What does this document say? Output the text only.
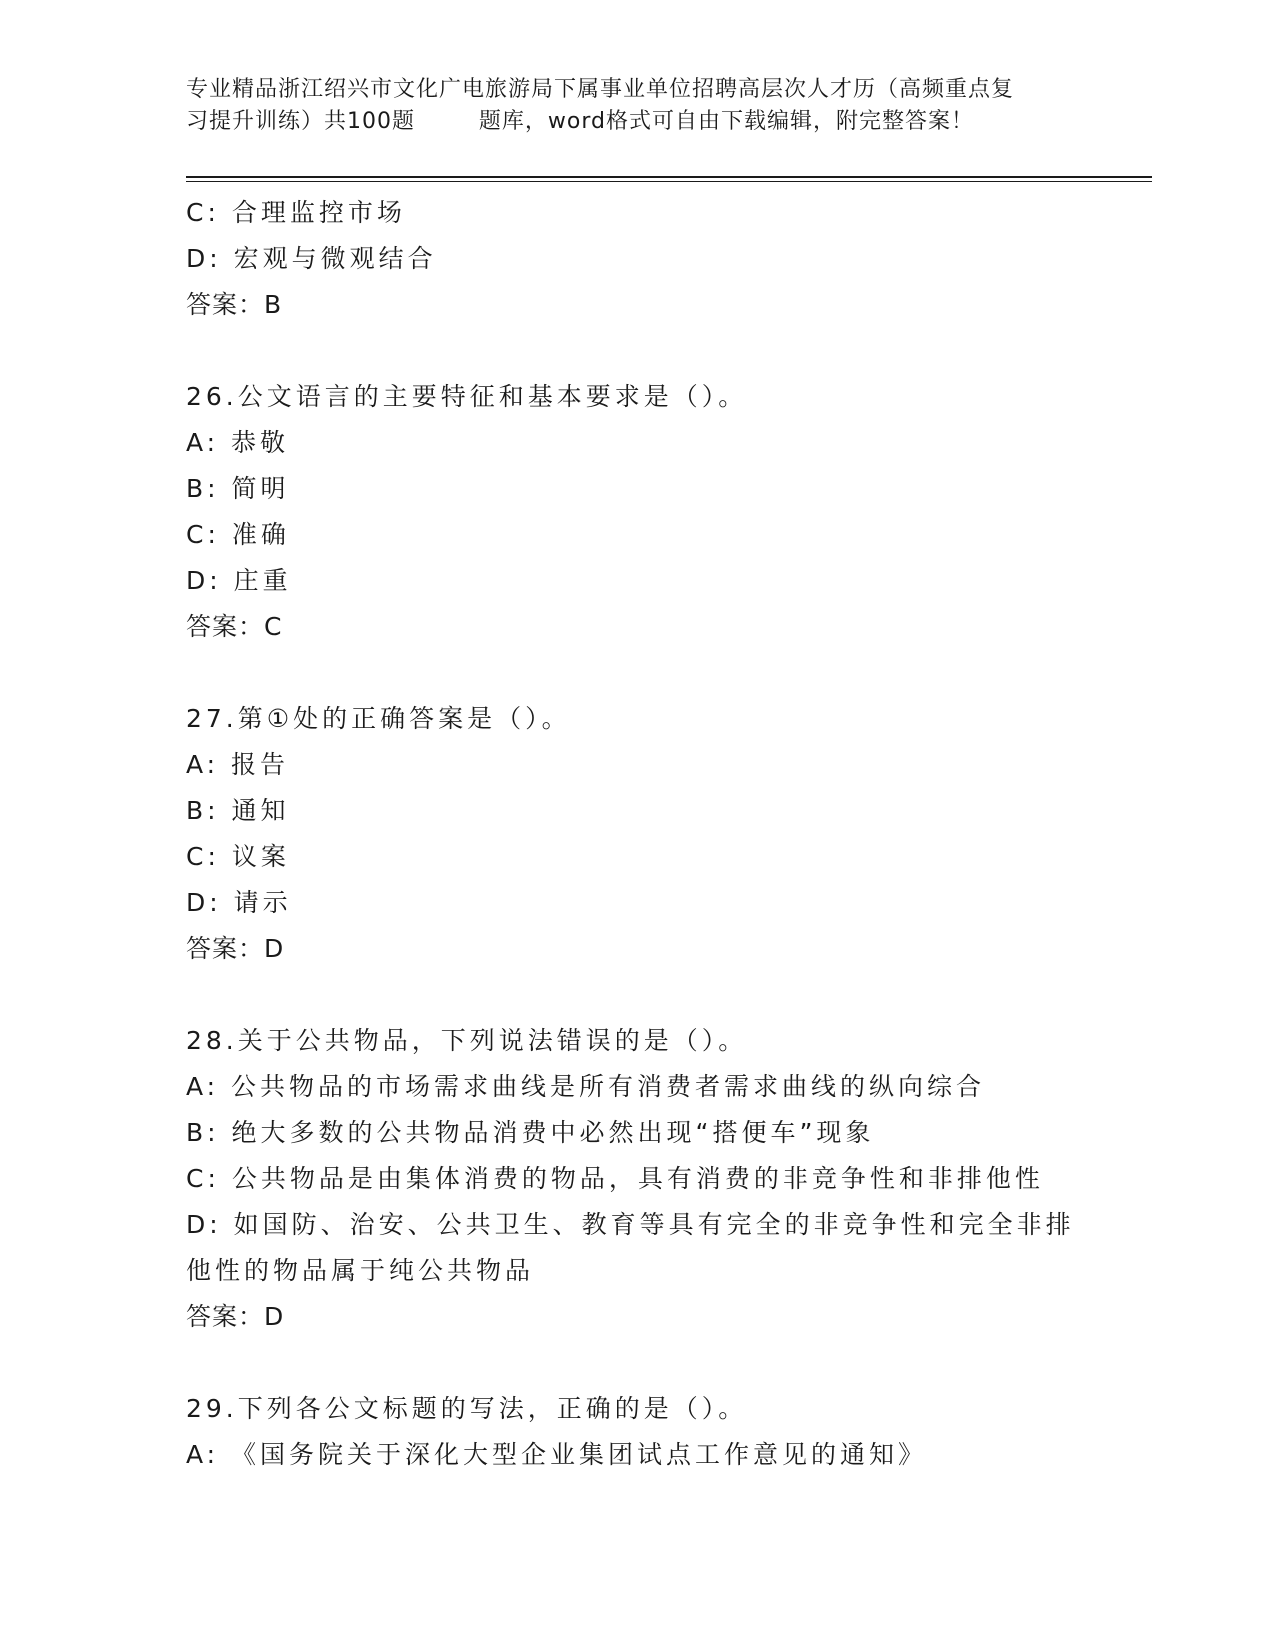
专业精品浙江绍兴市文化广电旅游局下属事业单位招聘高层次人才历（高频重点复
习提升训练）共100题        题库，word格式可自由下载编辑，附完整答案！
C: 合理监控市场
D: 宏观与微观结合
答案：B
26.公文语言的主要特征和基本要求是（）。
A: 恭敬
B: 简明
C: 准确
D: 庄重
答案：C
27.第①处的正确答案是（）。
A: 报告
B: 通知
C: 议案
D: 请示
答案：D
28.关于公共物品，下列说法错误的是（）。
A: 公共物品的市场需求曲线是所有消费者需求曲线的纵向综合
B: 绝大多数的公共物品消费中必然出现“搭便车”现象
C: 公共物品是由集体消费的物品，具有消费的非竞争性和非排他性
D: 如国防、治安、公共卫生、教育等具有完全的非竞争性和完全非排他性的物品属于纯公共物品
答案：D
29.下列各公文标题的写法，正确的是（）。
A: 《国务院关于深化大型企业集团试点工作意见的通知》
